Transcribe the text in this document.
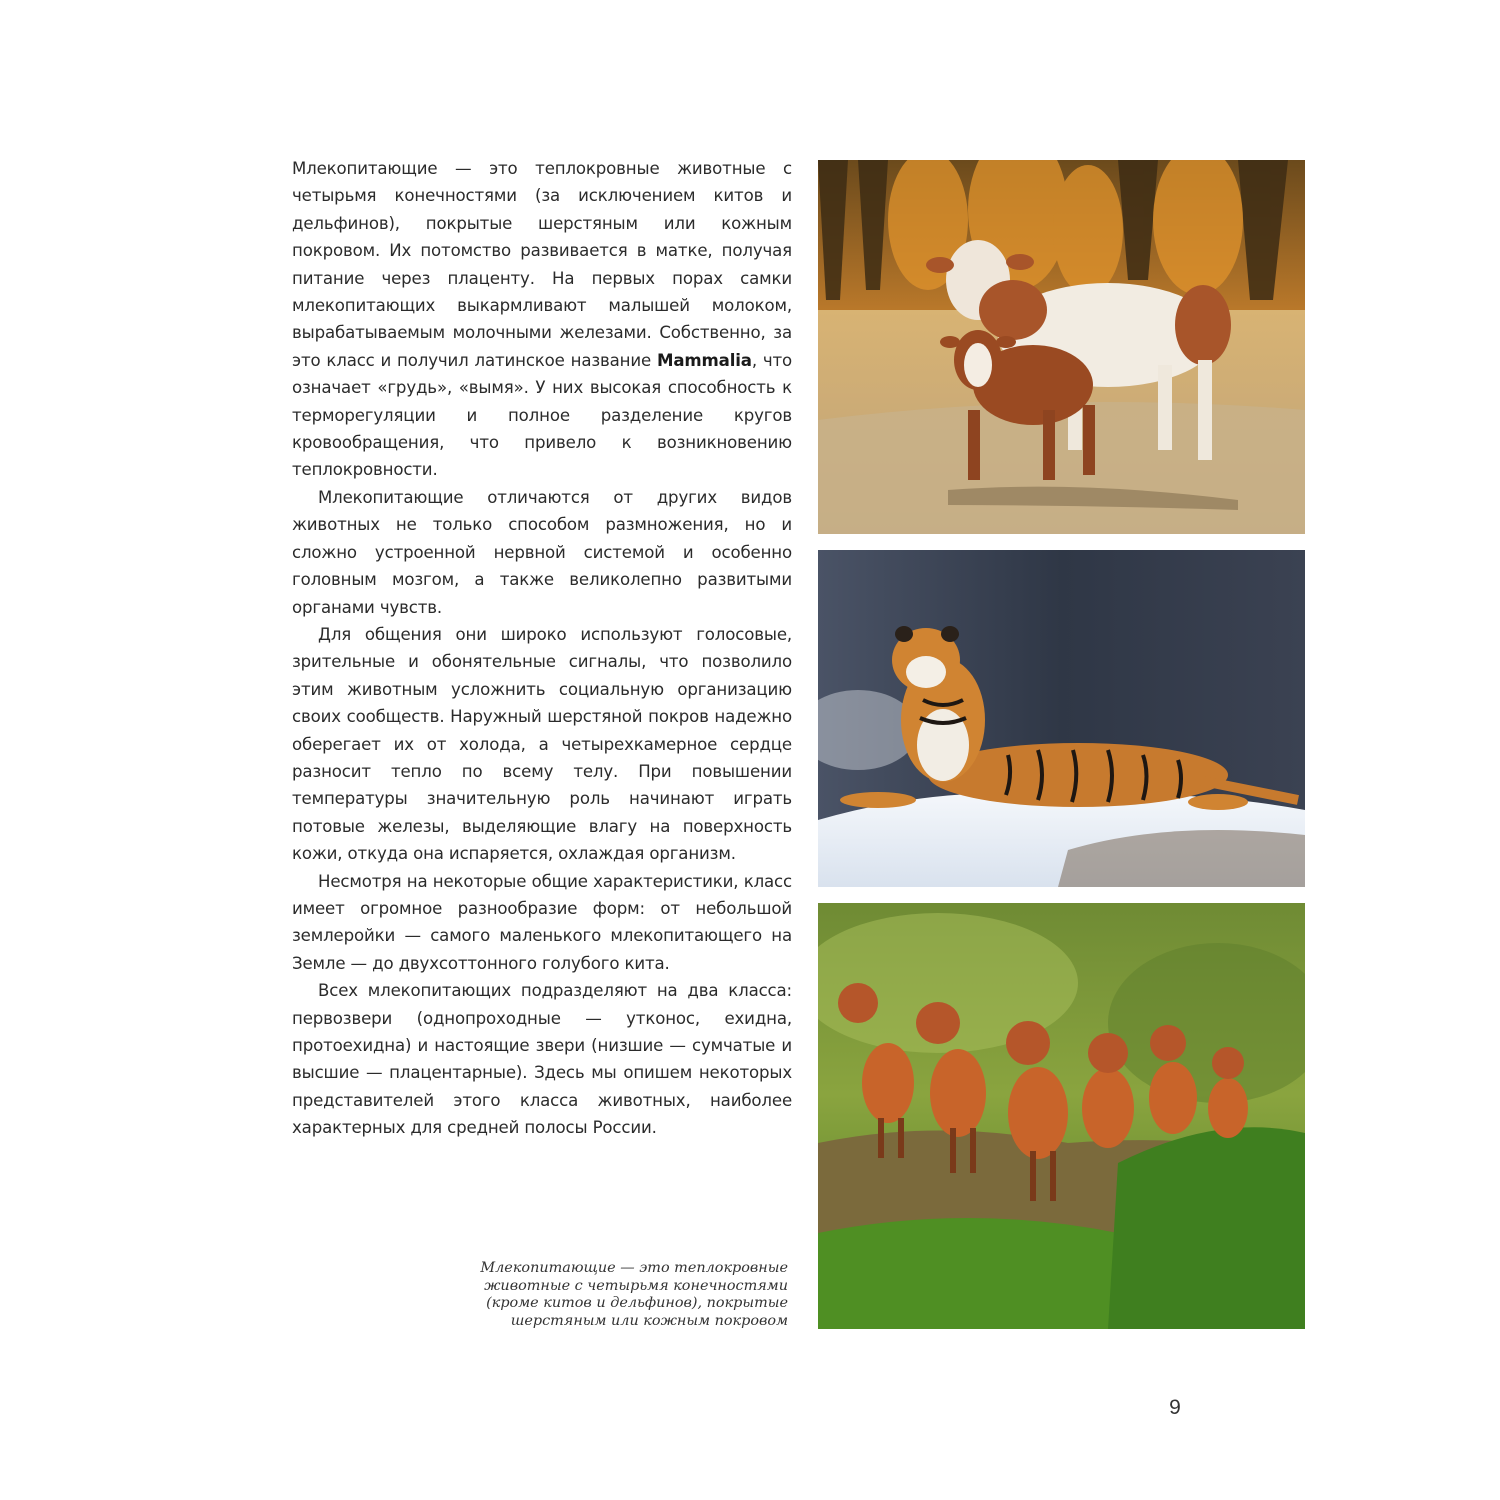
Млекопитающие — это теплокровные животные с четырьмя конечностями (за исключением китов и дельфинов), покрытые шерстяным или кожным покровом. Их потомство развивается в матке, получая питание через плаценту. На первых порах самки млекопитающих выкармливают малышей молоком, вырабатываемым молочными железами. Собственно, за это класс и получил латинское название Mammalia, что означает «грудь», «вымя». У них высокая способность к терморегуляции и полное разделение кругов кровообращения, что привело к возникновению теплокровности.

Млекопитающие отличаются от других видов животных не только способом размножения, но и сложно устроенной нервной системой и особенно головным мозгом, а также великолепно развитыми органами чувств.

Для общения они широко используют голосовые, зрительные и обонятельные сигналы, что позволило этим животным усложнить социальную организацию своих сообществ. Наружный шерстяной покров надежно оберегает их от холода, а четырехкамерное сердце разносит тепло по всему телу. При повышении температуры значительную роль начинают играть потовые железы, выделяющие влагу на поверхность кожи, откуда она испаряется, охлаждая организм.

Несмотря на некоторые общие характеристики, класс имеет огромное разнообразие форм: от небольшой землеройки — самого маленького млекопитающего на Земле — до двухсоттонного голубого кита.

Всех млекопитающих подразделяют на два класса: первозвери (однопроходные — утконос, ехидна, протоехидна) и настоящие звери (низшие — сумчатые и высшие — плацентарные). Здесь мы опишем некоторых представителей этого класса животных, наиболее характерных для средней полосы России.

Млекопитающие — это теплокровные
животные с четырьмя конечностями
(кроме китов и дельфинов), покрытые
шерстяным или кожным покровом
9
